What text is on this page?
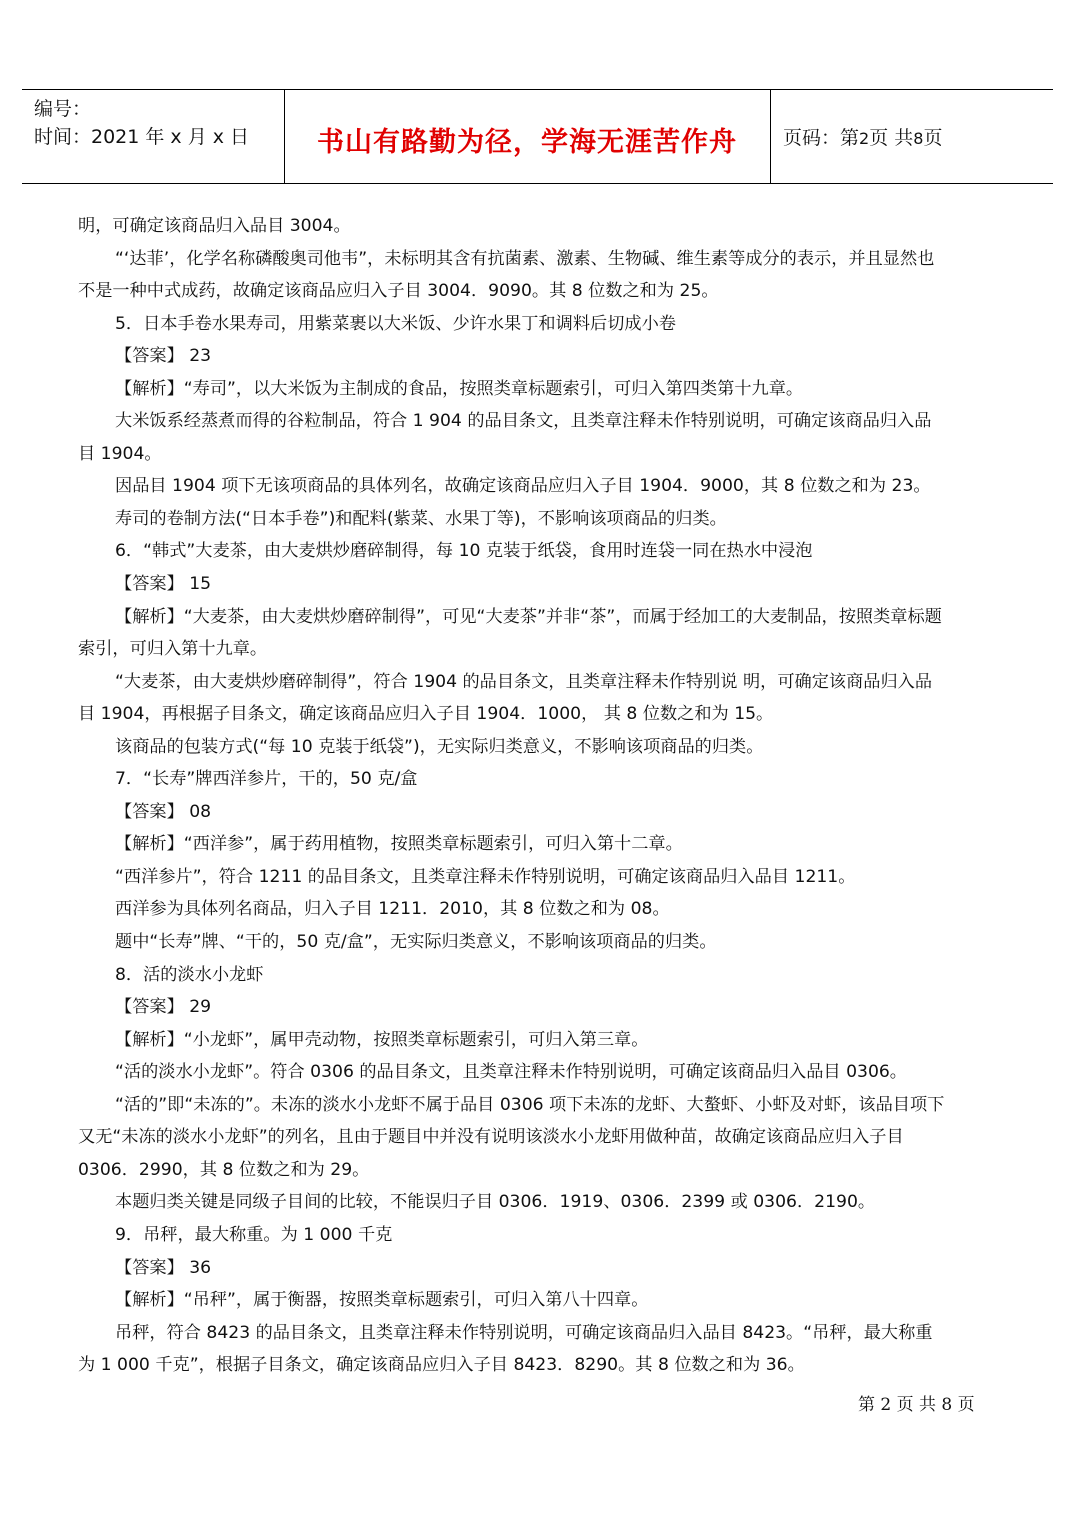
编号：
时间：2021 年 x 月 x 日	书山有路勤为径，学海无涯苦作舟	页码：第2页 共8页
明，可确定该商品归入品目 3004。
“‘达菲’，化学名称磷酸奥司他韦”，未标明其含有抗菌素、激素、生物碱、维生素等成分的表示，并且显然也
不是一种中式成药，故确定该商品应归入子目 3004．9090。其 8 位数之和为 25。
5．日本手卷水果寿司，用紫菜裹以大米饭、少许水果丁和调料后切成小卷
【答案】 23
【解析】“寿司”，以大米饭为主制成的食品，按照类章标题索引，可归入第四类第十九章。
大米饭系经蒸煮而得的谷粒制品，符合 1 904 的品目条文，且类章注释未作特别说明，可确定该商品归入品
目 1904。
因品目 1904 项下无该项商品的具体列名，故确定该商品应归入子目 1904．9000，其 8 位数之和为 23。
寿司的卷制方法(“日本手卷”)和配料(紫菜、水果丁等)，不影响该项商品的归类。
6．“韩式”大麦茶，由大麦烘炒磨碎制得，每 10 克装于纸袋，食用时连袋一同在热水中浸泡
【答案】 15
【解析】“大麦茶，由大麦烘炒磨碎制得”，可见“大麦茶”并非“茶”，而属于经加工的大麦制品，按照类章标题
索引，可归入第十九章。
“大麦茶，由大麦烘炒磨碎制得”，符合 1904 的品目条文，且类章注释未作特别说 明，可确定该商品归入品
目 1904，再根据子目条文，确定该商品应归入子目 1904．1000， 其 8 位数之和为 15。
该商品的包装方式(“每 10 克装于纸袋”)，无实际归类意义，不影响该项商品的归类。
7．“长寿”牌西洋参片，干的，50 克/盒
【答案】 08
【解析】“西洋参”，属于药用植物，按照类章标题索引，可归入第十二章。
“西洋参片”，符合 1211 的品目条文，且类章注释未作特别说明，可确定该商品归入品目 1211。
西洋参为具体列名商品，归入子目 1211．2010，其 8 位数之和为 08。
题中“长寿”牌、“干的，50 克/盒”，无实际归类意义，不影响该项商品的归类。
8．活的淡水小龙虾
【答案】 29
【解析】“小龙虾”，属甲壳动物，按照类章标题索引，可归入第三章。
“活的淡水小龙虾”。符合 0306 的品目条文，且类章注释未作特别说明，可确定该商品归入品目 0306。
“活的”即“未冻的”。未冻的淡水小龙虾不属于品目 0306 项下未冻的龙虾、大螯虾、小虾及对虾，该品目项下
又无“未冻的淡水小龙虾”的列名，且由于题目中并没有说明该淡水小龙虾用做种苗，故确定该商品应归入子目
0306．2990，其 8 位数之和为 29。
本题归类关键是同级子目间的比较，不能误归子目 0306．1919、0306．2399 或 0306．2190。
9．吊秤，最大称重。为 1 000 千克
【答案】 36
【解析】“吊秤”，属于衡器，按照类章标题索引，可归入第八十四章。
吊秤，符合 8423 的品目条文，且类章注释未作特别说明，可确定该商品归入品目 8423。“吊秤，最大称重
为 1 000 千克”，根据子目条文，确定该商品应归入子目 8423．8290。其 8 位数之和为 36。
第 2 页 共 8 页
